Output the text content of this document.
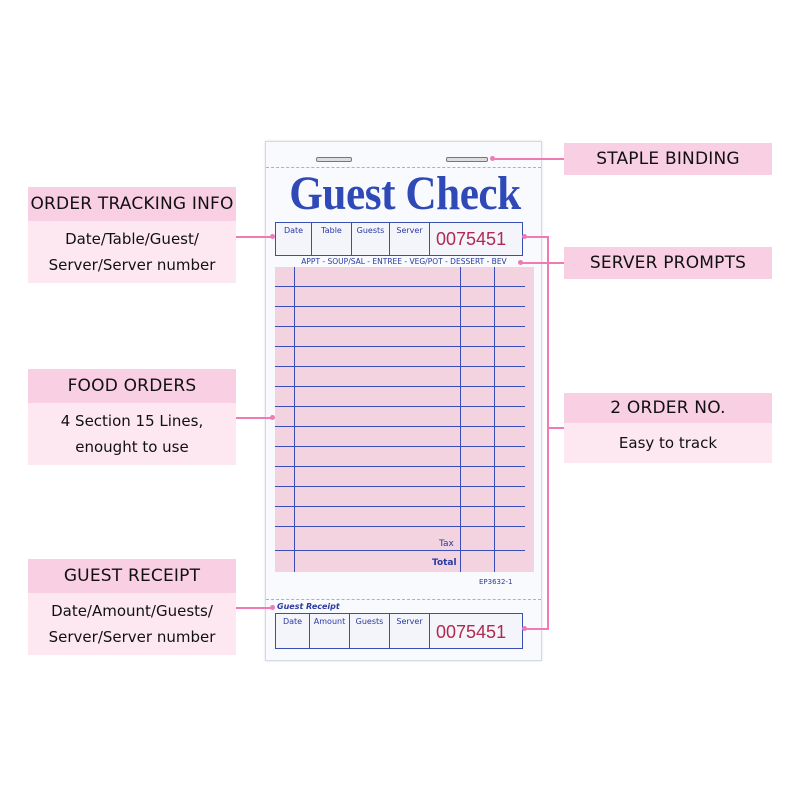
ORDER TRACKING INFO
Date/Table/Guest/
Server/Server number
FOOD ORDERS
4 Section 15 Lines,
enought to use
GUEST RECEIPT
Date/Amount/Guests/
Server/Server number
STAPLE BINDING
SERVER PROMPTS
2 ORDER NO.
Easy to track
Guest Check
Date	Table	Guests	Server 0075451
APPT - SOUP/SAL - ENTREE - VEG/POT - DESSERT - BEV
Tax
Total
EP3632-1
Guest Receipt
Date	Amount	Guests	Server
0075451
